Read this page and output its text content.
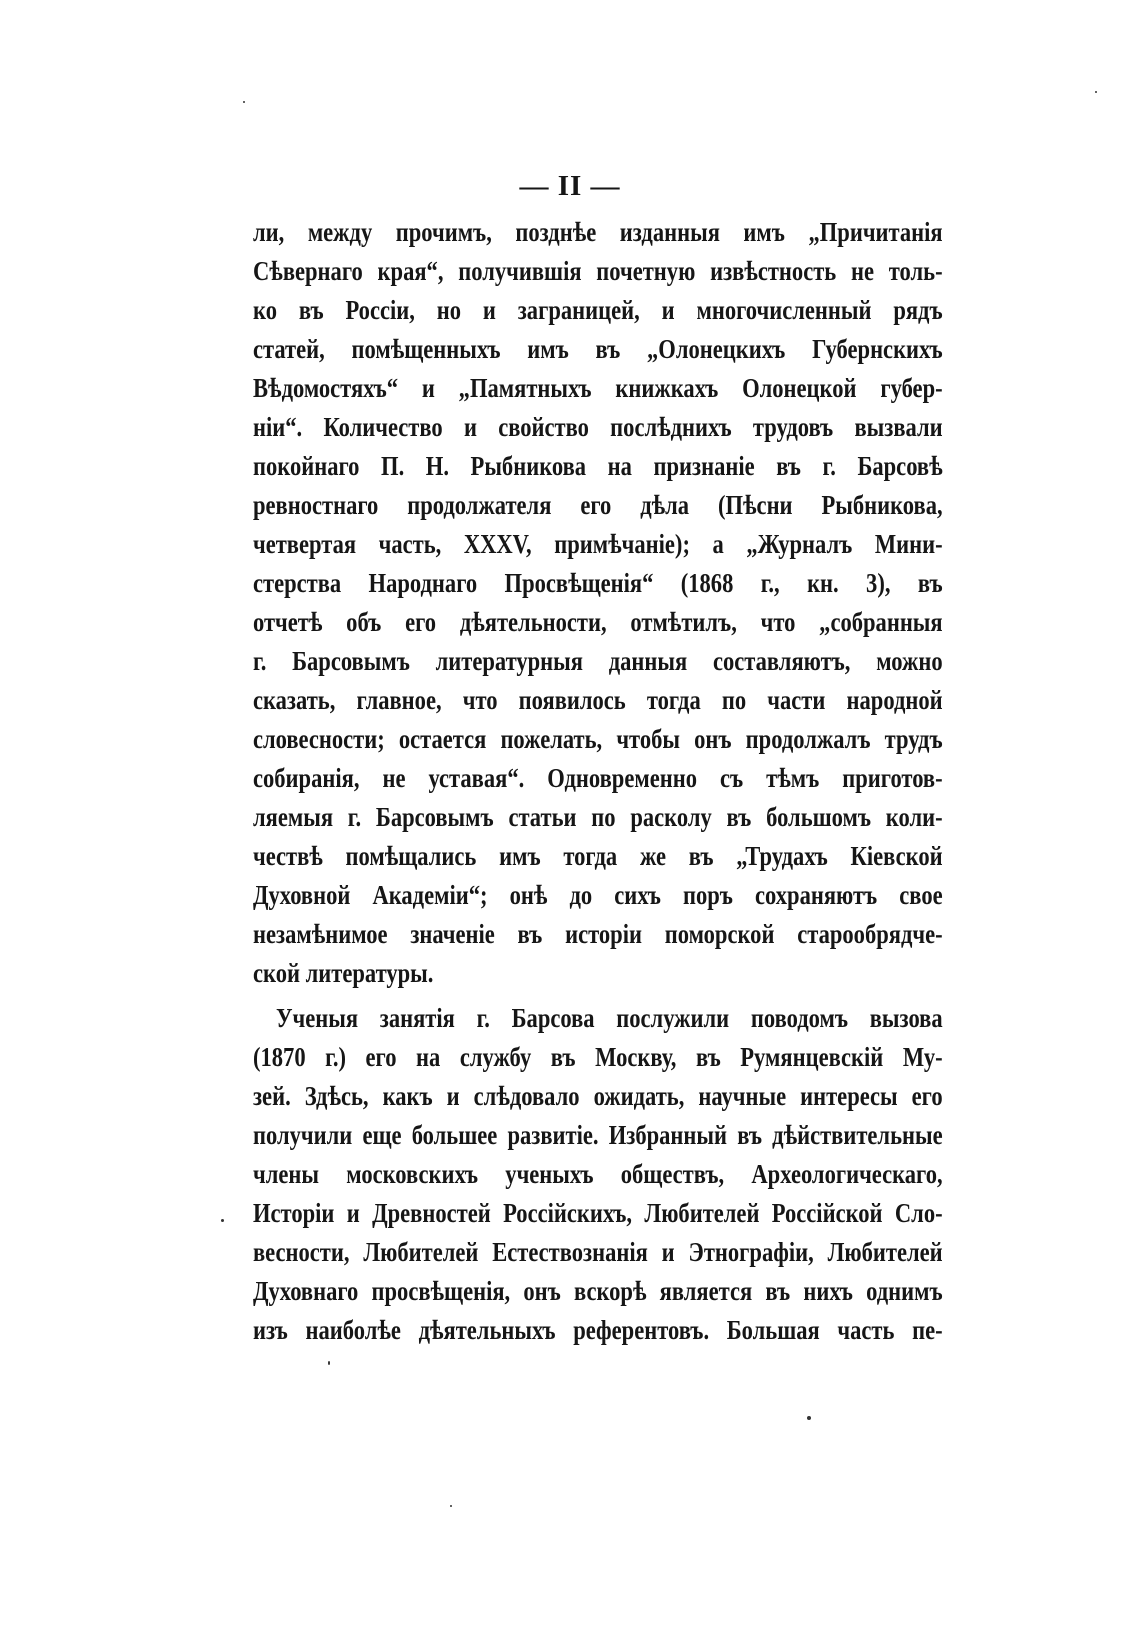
— II —
ли, между прочимъ, позднѣе изданныя имъ „Причитанія
Сѣвернаго края“, получившія почетную извѣстность не толь-
ко въ Россіи, но и заграницей, и многочисленный рядъ
статей, помѣщенныхъ имъ въ „Олонецкихъ Губернскихъ
Вѣдомостяхъ“ и „Памятныхъ книжкахъ Олонецкой губер-
ніи“. Количество и свойство послѣднихъ трудовъ вызвали
покойнаго П. Н. Рыбникова на признаніе въ г. Барсовѣ
ревностнаго продолжателя его дѣла (Пѣсни Рыбникова,
четвертая часть, XXXV, примѣчаніе); а „Журналъ Мини-
стерства Народнаго Просвѣщенія“ (1868 г., кн. 3), въ
отчетѣ объ его дѣятельности, отмѣтилъ, что „собранныя
г. Барсовымъ литературныя данныя составляютъ, можно
сказать, главное, что появилось тогда по части народной
словесности; остается пожелать, чтобы онъ продолжалъ трудъ
собиранія, не уставая“. Одновременно съ тѣмъ приготов-
ляемыя г. Барсовымъ статьи по расколу въ большомъ коли-
чествѣ помѣщались имъ тогда же въ „Трудахъ Кіевской
Духовной Академіи“; онѣ до сихъ поръ сохраняютъ свое
незамѣнимое значеніе въ исторіи поморской старообрядче-
ской литературы.
Ученыя занятія г. Барсова послужили поводомъ вызова
(1870 г.) его на службу въ Москву, въ Румянцевскій Му-
зей. Здѣсь, какъ и слѣдовало ожидать, научные интересы его
получили еще большее развитіе. Избранный въ дѣйствительные
члены московскихъ ученыхъ обществъ, Археологическаго,
Исторіи и Древностей Россійскихъ, Любителей Россійской Сло-
весности, Любителей Естествознанія и Этнографіи, Любителей
Духовнаго просвѣщенія, онъ вскорѣ является въ нихъ однимъ
изъ наиболѣе дѣятельныхъ референтовъ. Большая часть пе-
